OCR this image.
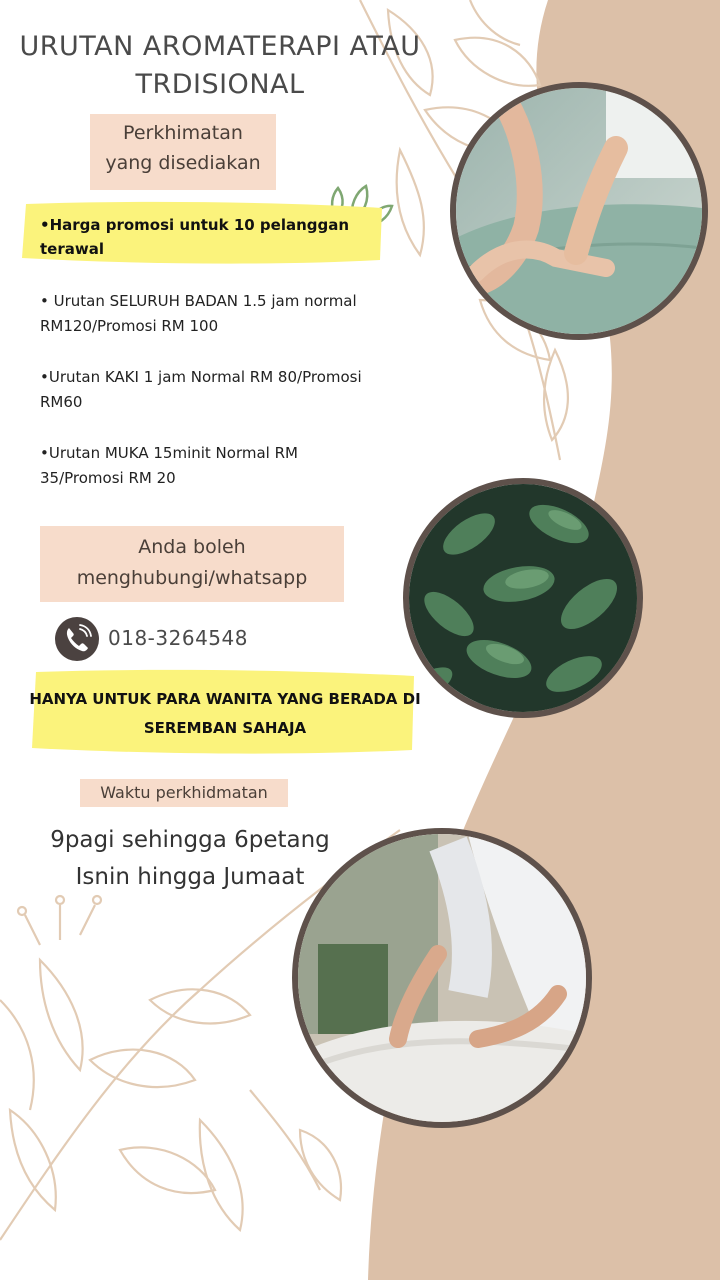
URUTAN AROMATERAPI ATAU
TRDISIONAL
Perkhimatan
yang disediakan
•Harga promosi untuk 10 pelanggan terawal
• Urutan SELURUH BADAN 1.5 jam normal RM120/Promosi RM 100
•Urutan KAKI 1 jam Normal RM 80/Promosi RM60
•Urutan MUKA 15minit Normal RM 35/Promosi RM 20
Anda boleh
menghubungi/whatsapp
018-3264548
HANYA UNTUK PARA WANITA YANG BERADA DI
SEREMBAN SAHAJA
Waktu perkhidmatan
9pagi sehingga 6petang
Isnin hingga Jumaat
